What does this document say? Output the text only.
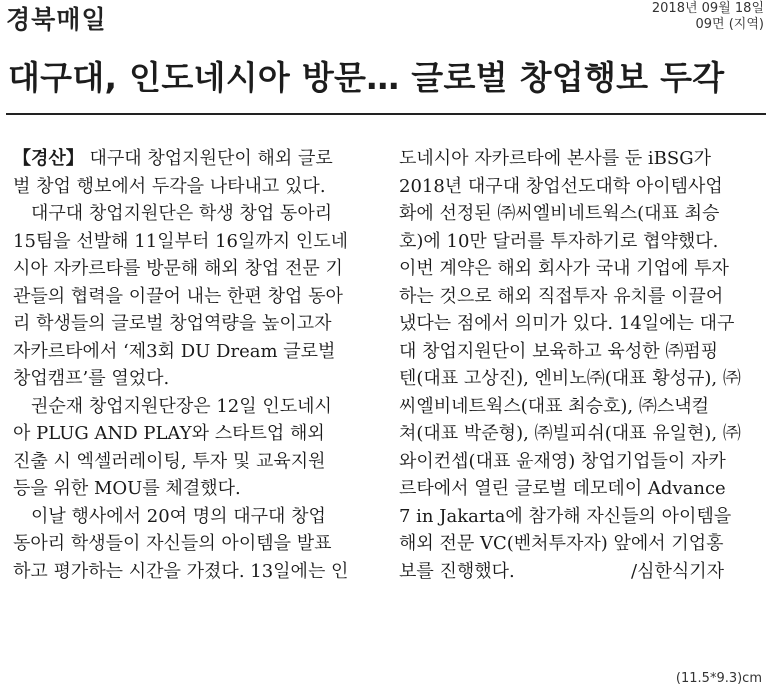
경북매일	2018년 09월 18일
09면 (지역)
대구대, 인도네시아 방문… 글로벌 창업행보 두각
【경산】 대구대 창업지원단이 해외 글로
벌 창업 행보에서 두각을 나타내고 있다.
대구대 창업지원단은 학생 창업 동아리
15팀을 선발해 11일부터 16일까지 인도네
시아 자카르타를 방문해 해외 창업 전문 기
관들의 협력을 이끌어 내는 한편 창업 동아
리 학생들의 글로벌 창업역량을 높이고자
자카르타에서 ‘제3회 DU Dream 글로벌
창업캠프’를 열었다.
권순재 창업지원단장은 12일 인도네시
아 PLUG AND PLAY와 스타트업 해외
진출 시 엑셀러레이팅, 투자 및 교육지원
등을 위한 MOU를 체결했다.
이날 행사에서 20여 명의 대구대 창업
동아리 학생들이 자신들의 아이템을 발표
하고 평가하는 시간을 가졌다. 13일에는 인
도네시아 자카르타에 본사를 둔 iBSG가
2018년 대구대 창업선도대학 아이템사업
화에 선정된 ㈜씨엘비네트웍스(대표 최승
호)에 10만 달러를 투자하기로 협약했다.
이번 계약은 해외 회사가 국내 기업에 투자
하는 것으로 해외 직접투자 유치를 이끌어
냈다는 점에서 의미가 있다. 14일에는 대구
대 창업지원단이 보육하고 육성한 ㈜펌핑
텐(대표 고상진), 엔비노㈜(대표 황성규), ㈜
씨엘비네트웍스(대표 최승호), ㈜스낵컬
쳐(대표 박준형), ㈜빌피쉬(대표 유일현), ㈜
와이컨셉(대표 윤재영) 창업기업들이 자카
르타에서 열린 글로벌 데모데이 Advance
7 in Jakarta에 참가해 자신들의 아이템을
해외 전문 VC(벤처투자자) 앞에서 기업홍
보를 진행했다.	/심한식기자
(11.5*9.3)cm
